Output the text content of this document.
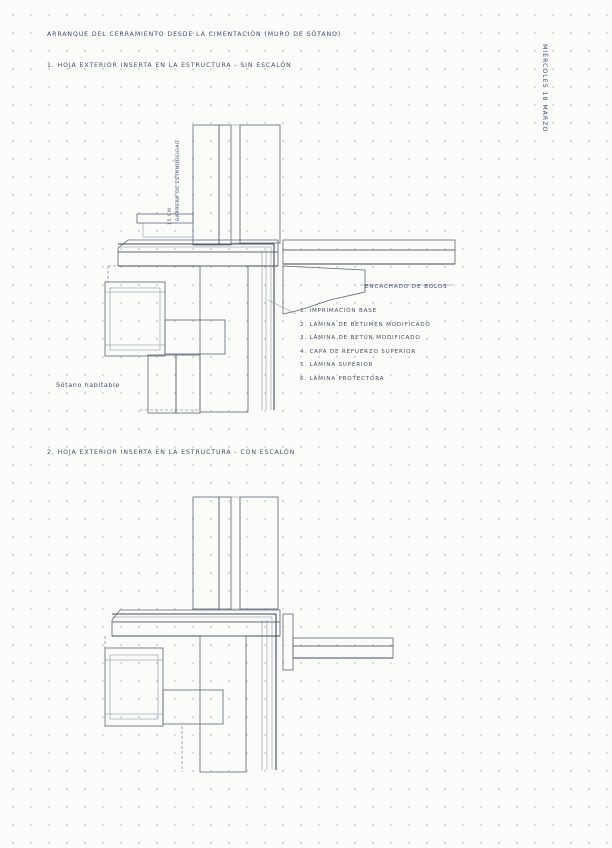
ARRANQUE DEL CERRAMIENTO DESDE LA CIMENTACIÓN (MURO DE SÓTANO)
MIÉRCOLES 18 MARZO
1. HOJA EXTERIOR INSERTA EN LA ESTRUCTURA - SIN ESCALÓN
2. HOJA EXTERIOR INSERTA EN LA ESTRUCTURA - CON ESCALÓN
Sótano habitable
ENCACHADO DE BOLOS
15 CM BARRERA DE ESTANQUEIDAD
1. IMPRIMACIÓN BASE
2. LÁMINA DE BETUMEN MODIFICADO
3. LÁMINA DE BETÚN MODIFICADO
4. CAPA DE REFUERZO SUPERIOR
5. LÁMINA SUPERIOR
6. LÁMINA PROTECTORA
